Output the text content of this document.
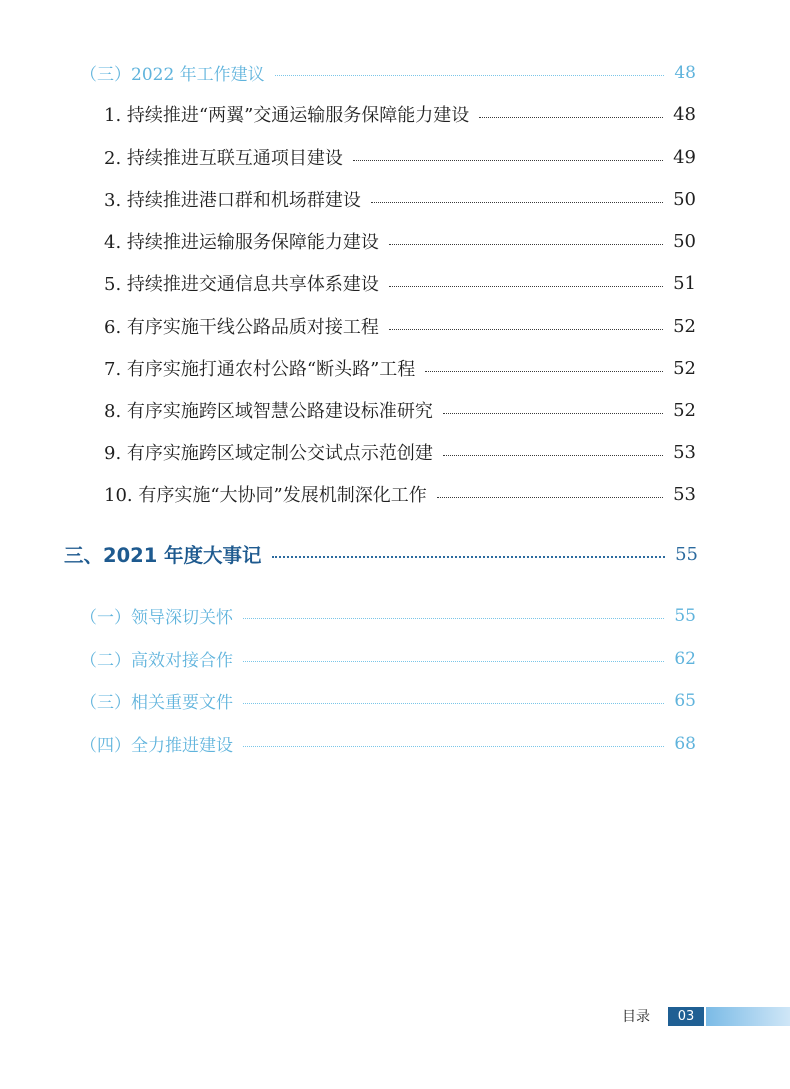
（三）2022 年工作建议	48
1. 持续推进“两翼”交通运输服务保障能力建设	48
2. 持续推进互联互通项目建设	49
3. 持续推进港口群和机场群建设	50
4. 持续推进运输服务保障能力建设	50
5. 持续推进交通信息共享体系建设	51
6. 有序实施干线公路品质对接工程	52
7. 有序实施打通农村公路“断头路”工程	52
8. 有序实施跨区域智慧公路建设标准研究	52
9. 有序实施跨区域定制公交试点示范创建	53
10. 有序实施“大协同”发展机制深化工作	53
三、2021 年度大事记	55
（一）领导深切关怀	55
（二）高效对接合作	62
（三）相关重要文件	65
（四）全力推进建设	68
目录	03
